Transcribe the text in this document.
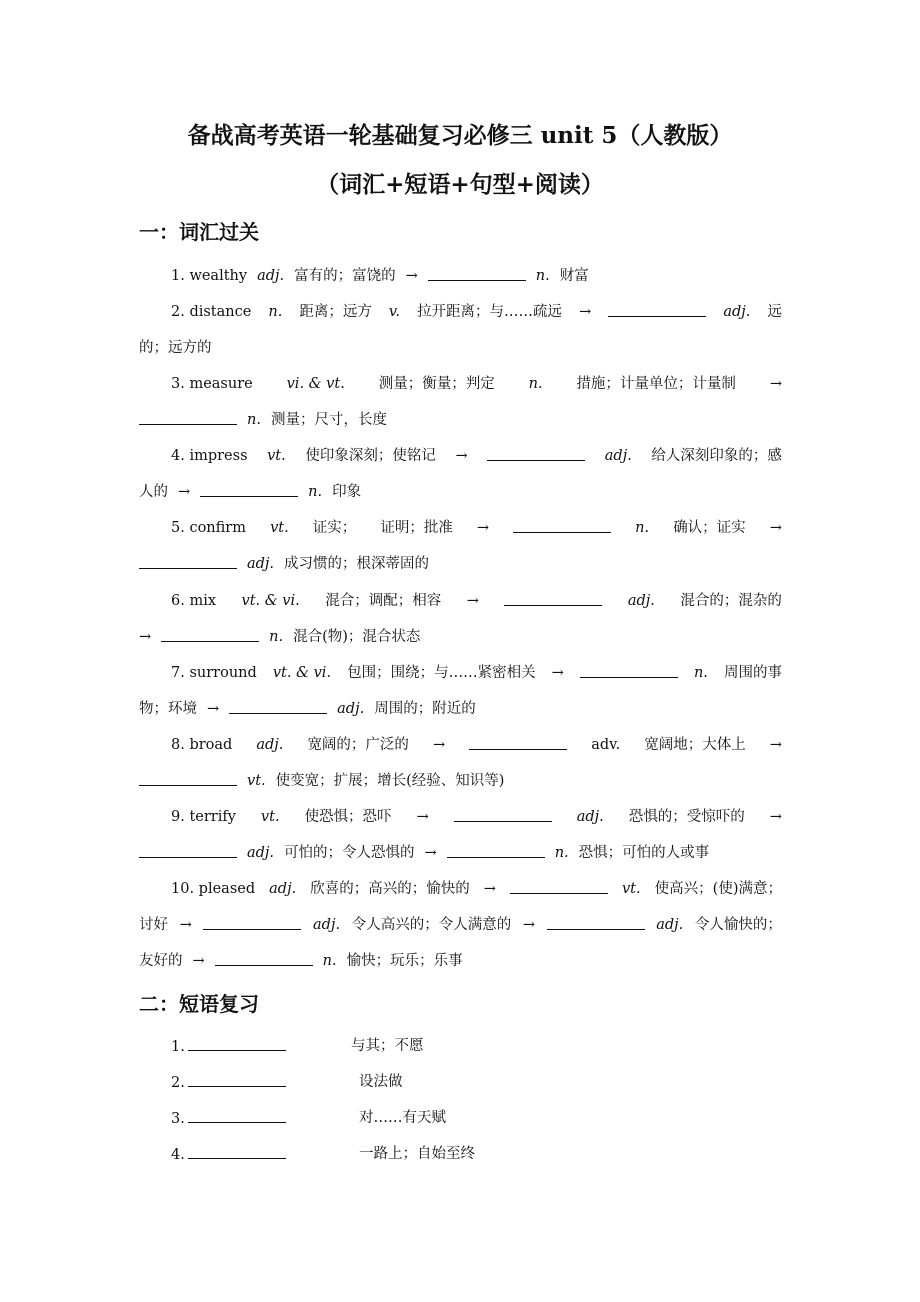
备战高考英语一轮基础复习必修三 unit 5（人教版）
（词汇+短语+句型+阅读）
一：词汇过关
1. wealthy adj. 富有的；富饶的 →	n. 财富
2. distance n. 距离；远方 v. 拉开距离；与……疏远 →	adj. 远
的；远方的
3. measure vi. & vt. 测量；衡量；判定 n. 措施；计量单位；计量制 →
n. 测量；尺寸，长度
4. impress vt. 使印象深刻；使铭记 →	adj. 给人深刻印象的；感
人的 →	n. 印象
5. confirm vt. 证实； 证明；批准 →	n. 确认；证实 →
adj. 成习惯的；根深蒂固的
6. mix vt. & vi. 混合；调配；相容 →	adj. 混合的；混杂的
→	n. 混合(物)；混合状态
7. surround vt. & vi. 包围；围绕；与……紧密相关 →	n. 周围的事
物；环境 →	adj. 周围的；附近的
8. broad adj. 宽阔的；广泛的 →	adv. 宽阔地；大体上 →
vt. 使变宽；扩展；增长(经验、知识等)
9. terrify vt. 使恐惧；恐吓 →	adj. 恐惧的；受惊吓的 →
adj. 可怕的；令人恐惧的 →	n. 恐惧；可怕的人或事
10. pleased adj. 欣喜的；高兴的；愉快的 →	vt. 使高兴；(使)满意；
讨好 →	adj. 令人高兴的；令人满意的 →	adj. 令人愉快的；
友好的 →	n. 愉快；玩乐；乐事
二：短语复习
1.	与其；不愿
2.	设法做
3.	对……有天赋
4.	一路上；自始至终
